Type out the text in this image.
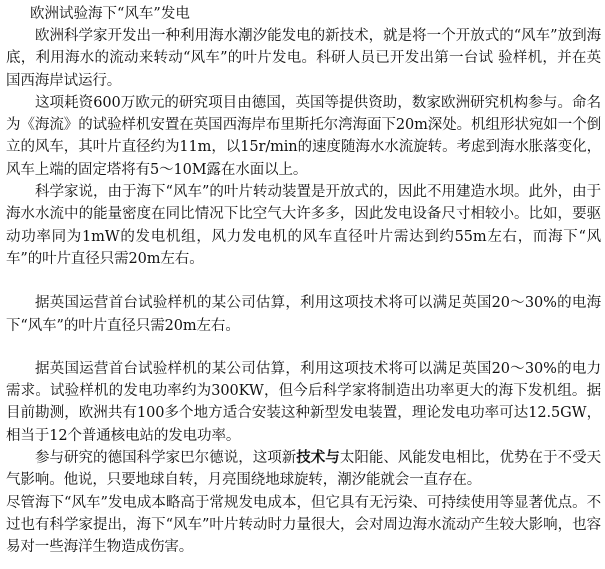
欧洲试验海下“风车”发电

欧洲科学家开发出一种利用海水潮汐能发电的新技术，就是将一个开放式的“风车”放到海底，利用海水的流动来转动“风车”的叶片发电。科研人员已开发出第一台试 验样机，并在英国西海岸试运行。

这项耗资600万欧元的研究项目由德国，英国等提供资助，数家欧洲研究机构参与。命名为《海流》的试验样机安置在英国西海岸布里斯托尔湾海面下20m深处。机组形状宛如一个倒立的风车，其叶片直径约为11m，以15r/min的速度随海水水流旋转。考虑到海水胀落变化，风车上端的固定塔将有5～10M露在水面以上。

科学家说，由于海下“风车”的叶片转动装置是开放式的，因此不用建造水坝。此外，由于海水水流中的能量密度在同比情况下比空气大许多多，因此发电设备尺寸相较小。比如，要驱动功率同为1mW的发电机组，风力发电机的风车直径叶片需达到约55m左右，而海下“风车”的叶片直径只需20m左右。

据英国运营首台试验样机的某公司估算，利用这项技术将可以满足英国20～30%的电海下“风车”的叶片直径只需20m左右。

据英国运营首台试验样机的某公司估算，利用这项技术将可以满足英国20～30%的电力需求。试验样机的发电功率约为300KW，但今后科学家将制造出功率更大的海下发机组。据目前勘测，欧洲共有100多个地方适合安装这种新型发电装置，理论发电功率可达12.5GW，相当于12个普通核电站的发电功率。

参与研究的德国科学家巴尔德说，这项新技术与太阳能、风能发电相比，优势在于不受天气影响。他说，只要地球自转，月亮围绕地球旋转，潮汐能就会一直存在。

尽管海下“风车”发电成本略高于常规发电成本，但它具有无污染、可持续使用等显著优点。不过也有科学家提出，海下“风车”叶片转动时力量很大，会对周边海水流动产生较大影响，也容易对一些海洋生物造成伤害。
